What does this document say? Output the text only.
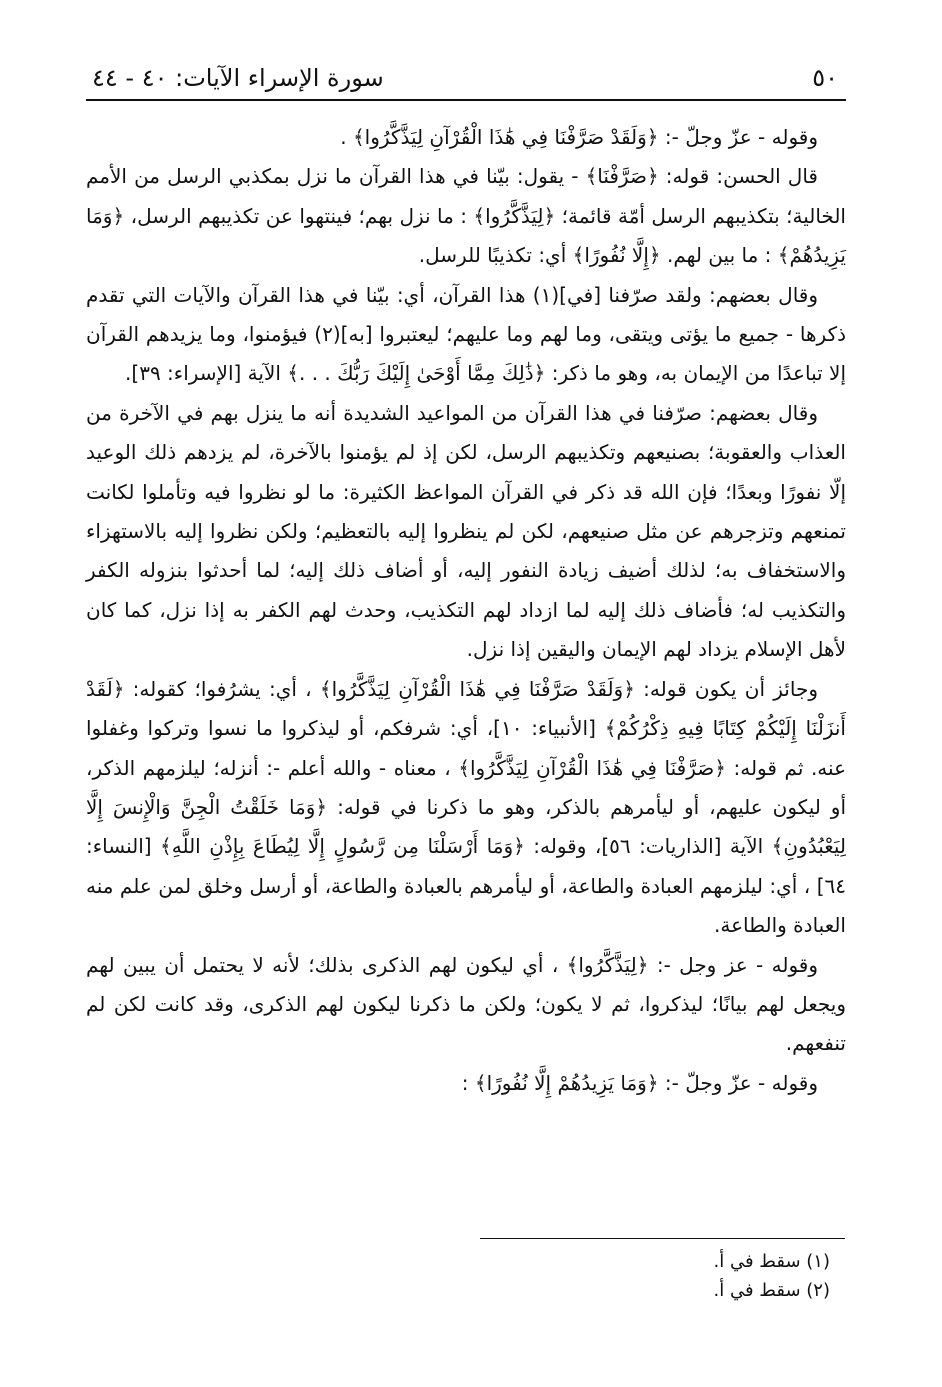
٥٠
سورة الإسراء الآيات: ٤٠ - ٤٤

وقوله - عزّ وجلّ -: ﴿وَلَقَدْ صَرَّفْنَا فِي هَٰذَا الْقُرْآنِ لِيَذَّكَّرُوا﴾ .

قال الحسن: قوله: ﴿صَرَّفْنَا﴾ - يقول: بيّنا في هذا القرآن ما نزل بمكذبي الرسل من الأمم الخالية؛ بتكذيبهم الرسل أمّة قائمة؛ ﴿لِيَذَّكَّرُوا﴾ : ما نزل بهم؛ فينتهوا عن تكذيبهم الرسل، ﴿وَمَا يَزِيدُهُمْ﴾ : ما بين لهم. ﴿إِلَّا نُفُورًا﴾ أي: تكذيبًا للرسل.

وقال بعضهم: ولقد صرّفنا [في](١) هذا القرآن، أي: بيّنا في هذا القرآن والآيات التي تقدم ذكرها - جميع ما يؤتى ويتقى، وما لهم وما عليهم؛ ليعتبروا [به](٢) فيؤمنوا، وما يزيدهم القرآن إلا تباعدًا من الإيمان به، وهو ما ذكر: ﴿ذَٰلِكَ مِمَّا أَوْحَىٰ إِلَيْكَ رَبُّكَ . . .﴾ الآية [الإسراء: ٣٩].

وقال بعضهم: صرّفنا في هذا القرآن من المواعيد الشديدة أنه ما ينزل بهم في الآخرة من العذاب والعقوبة؛ بصنيعهم وتكذيبهم الرسل، لكن إذ لم يؤمنوا بالآخرة، لم يزدهم ذلك الوعيد إلّا نفورًا وبعدًا؛ فإن الله قد ذكر في القرآن المواعظ الكثيرة: ما لو نظروا فيه وتأملوا لكانت تمنعهم وتزجرهم عن مثل صنيعهم، لكن لم ينظروا إليه بالتعظيم؛ ولكن نظروا إليه بالاستهزاء والاستخفاف به؛ لذلك أضيف زيادة النفور إليه، أو أضاف ذلك إليه؛ لما أحدثوا بنزوله الكفر والتكذيب له؛ فأضاف ذلك إليه لما ازداد لهم التكذيب، وحدث لهم الكفر به إذا نزل، كما كان لأهل الإسلام يزداد لهم الإيمان واليقين إذا نزل.

وجائز أن يكون قوله: ﴿وَلَقَدْ صَرَّفْنَا فِي هَٰذَا الْقُرْآنِ لِيَذَّكَّرُوا﴾ ، أي: يشرُفوا؛ كقوله: ﴿لَقَدْ أَنزَلْنَا إِلَيْكُمْ كِتَابًا فِيهِ ذِكْرُكُمْ﴾ [الأنبياء: ١٠]، أي: شرفكم، أو ليذكروا ما نسوا وتركوا وغفلوا عنه. ثم قوله: ﴿صَرَّفْنَا فِي هَٰذَا الْقُرْآنِ لِيَذَّكَّرُوا﴾ ، معناه - والله أعلم -: أنزله؛ ليلزمهم الذكر، أو ليكون عليهم، أو ليأمرهم بالذكر، وهو ما ذكرنا في قوله: ﴿وَمَا خَلَقْتُ الْجِنَّ وَالْإِنسَ إِلَّا لِيَعْبُدُونِ﴾ الآية [الذاريات: ٥٦]، وقوله: ﴿وَمَا أَرْسَلْنَا مِن رَّسُولٍ إِلَّا لِيُطَاعَ بِإِذْنِ اللَّهِ﴾ [النساء: ٦٤] ، أي: ليلزمهم العبادة والطاعة، أو ليأمرهم بالعبادة والطاعة، أو أرسل وخلق لمن علم منه العبادة والطاعة.

وقوله - عز وجل -: ﴿لِيَذَّكَّرُوا﴾ ، أي ليكون لهم الذكرى بذلك؛ لأنه لا يحتمل أن يبين لهم ويجعل لهم بيانًا؛ ليذكروا، ثم لا يكون؛ ولكن ما ذكرنا ليكون لهم الذكرى، وقد كانت لكن لم تنفعهم.

وقوله - عزّ وجلّ -: ﴿وَمَا يَزِيدُهُمْ إِلَّا نُفُورًا﴾ :

(١) سقط في أ.
(٢) سقط في أ.
